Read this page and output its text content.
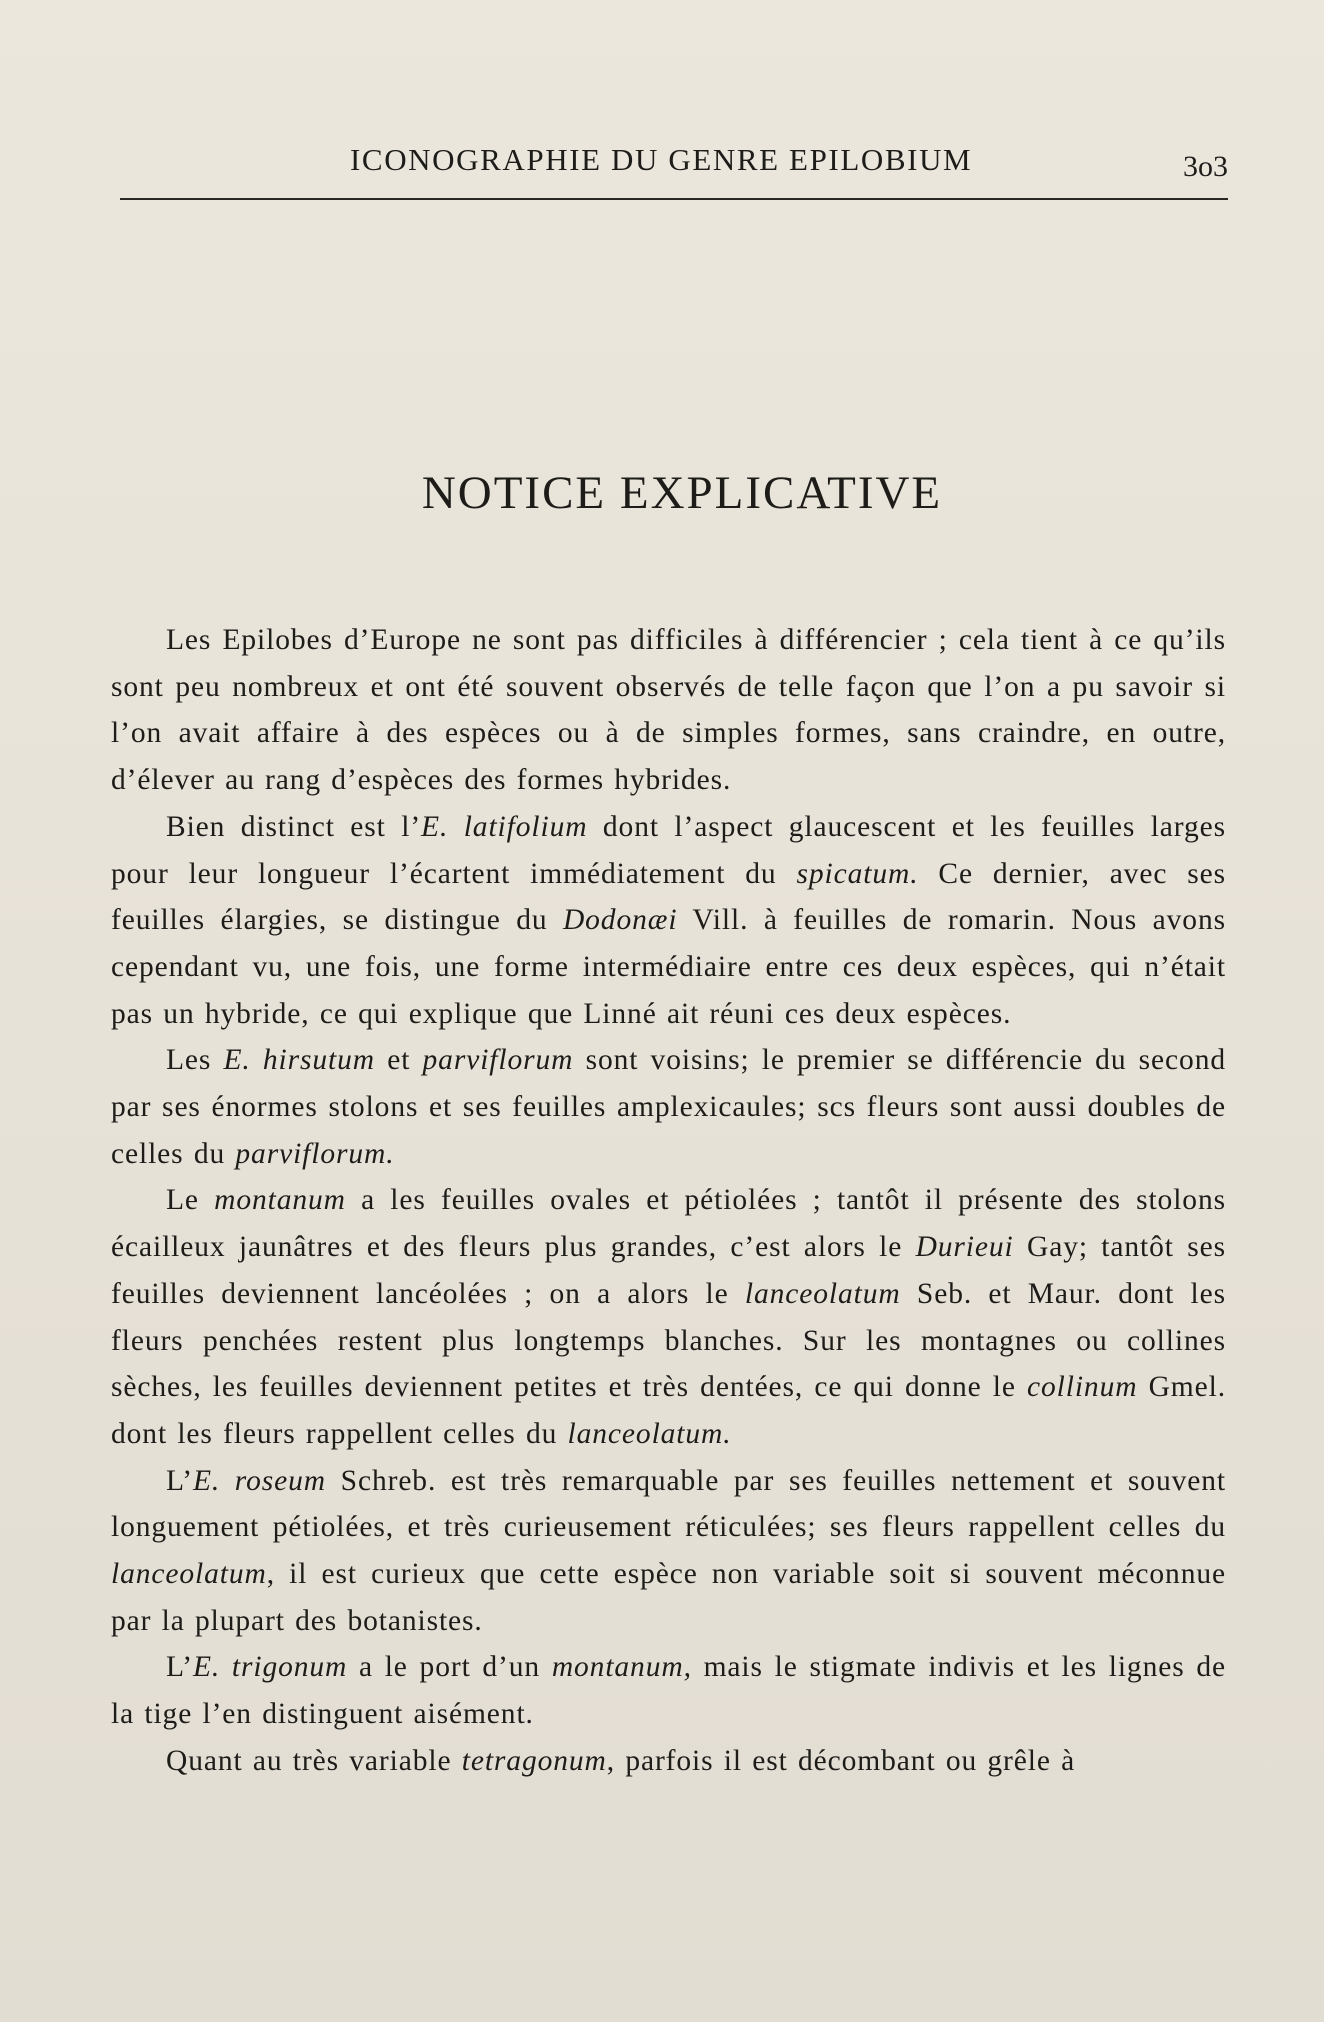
ICONOGRAPHIE DU GENRE EPILOBIUM	3o3
NOTICE EXPLICATIVE

Les Epilobes d’Europe ne sont pas difficiles à différencier ; cela tient à ce qu’ils sont peu nombreux et ont été souvent observés de telle façon que l’on a pu savoir si l’on avait affaire à des espèces ou à de simples formes, sans craindre, en outre, d’élever au rang d’espèces des formes hybrides.

Bien distinct est l’E. latifolium dont l’aspect glaucescent et les feuilles larges pour leur longueur l’écartent immédiatement du spicatum. Ce dernier, avec ses feuilles élargies, se distingue du Dodonæi Vill. à feuilles de romarin. Nous avons cependant vu, une fois, une forme intermédiaire entre ces deux espèces, qui n’était pas un hybride, ce qui explique que Linné ait réuni ces deux espèces.

Les E. hirsutum et parviflorum sont voisins; le premier se différencie du second par ses énormes stolons et ses feuilles amplexicaules; scs fleurs sont aussi doubles de celles du parviflorum.

Le montanum a les feuilles ovales et pétiolées ; tantôt il présente des stolons écailleux jaunâtres et des fleurs plus grandes, c’est alors le Durieui Gay; tantôt ses feuilles deviennent lancéolées ; on a alors le lanceolatum Seb. et Maur. dont les fleurs penchées restent plus longtemps blanches. Sur les montagnes ou collines sèches, les feuilles deviennent petites et très dentées, ce qui donne le collinum Gmel. dont les fleurs rappellent celles du lanceolatum.

L’E. roseum Schreb. est très remarquable par ses feuilles nettement et souvent longuement pétiolées, et très curieusement réticulées; ses fleurs rappellent celles du lanceolatum, il est curieux que cette espèce non variable soit si souvent méconnue par la plupart des botanistes.

L’E. trigonum a le port d’un montanum, mais le stigmate indivis et les lignes de la tige l’en distinguent aisément.

Quant au très variable tetragonum, parfois il est décombant ou grêle à
